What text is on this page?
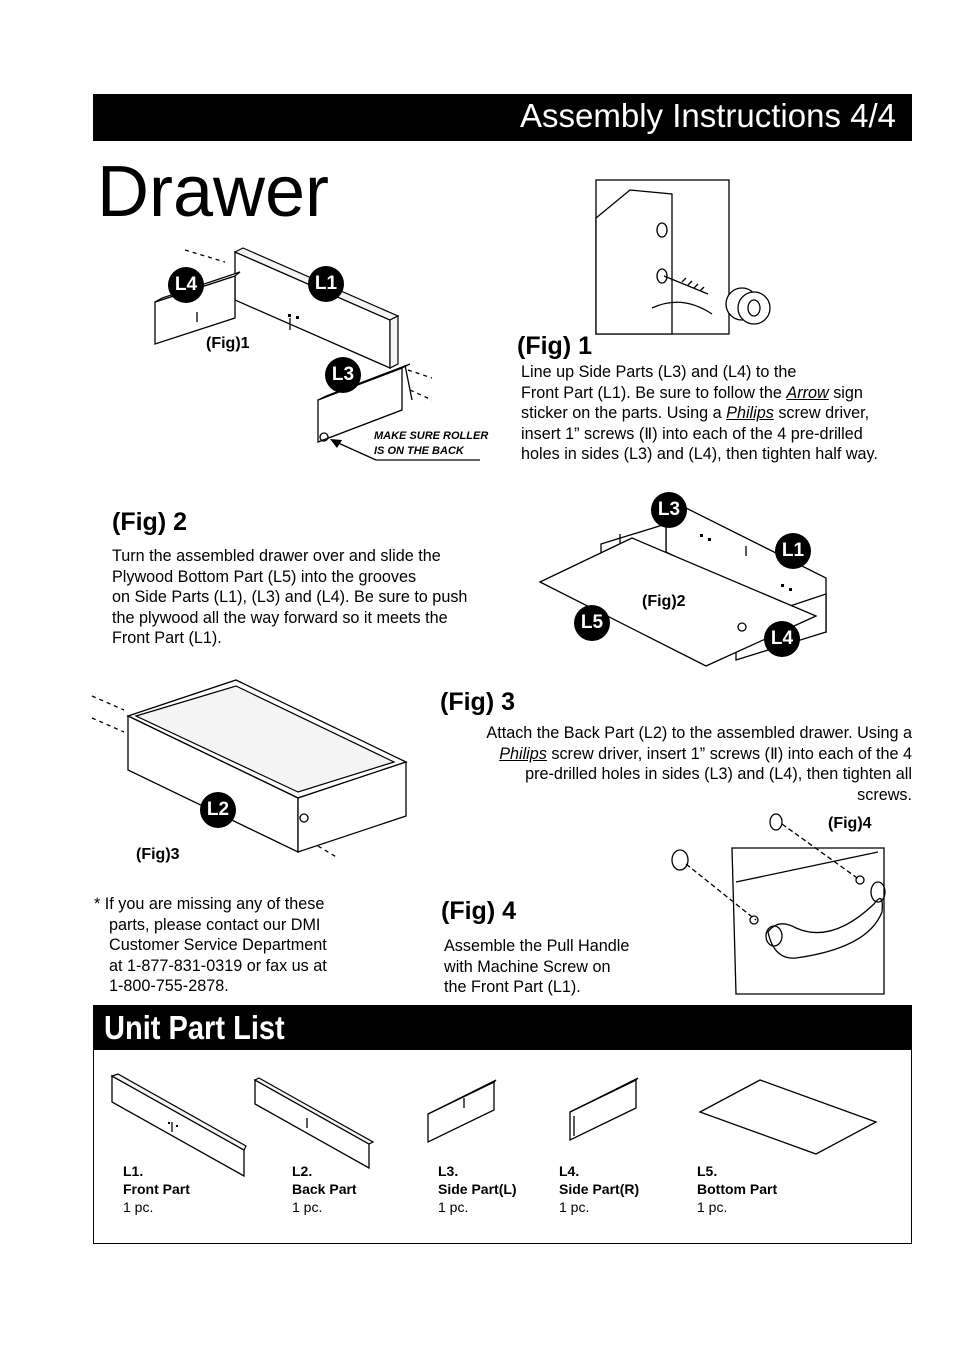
Assembly Instructions 4/4
Drawer
(Fig)1
L4	L1
L3
MAKE SURE ROLLER
IS ON THE BACK
(Fig) 1
Line up Side Parts (L3) and (L4) to the
Front Part (L1). Be sure to follow the Arrow sign
sticker on the parts. Using a Philips screw driver,
insert 1” screws (Ⅱ) into each of the 4 pre-drilled
holes in sides (L3) and (L4), then tighten half way.
(Fig) 2
Turn the assembled drawer over and slide the
Plywood Bottom Part (L5) into the grooves
on Side Parts (L1), (L3) and (L4). Be sure to push
the plywood all the way forward so it meets the
Front Part (L1).
L3
L1
L5
L4
(Fig)2
L2
(Fig)3
(Fig) 3
Attach the Back Part (L2) to the assembled drawer. Using a
Philips screw driver, insert 1” screws (Ⅱ) into each of the 4
pre-drilled holes in sides (L3) and (L4), then tighten all
screws.
(Fig)4
(Fig) 4
Assemble the Pull Handle
with Machine Screw on
the Front Part (L1).
* If you are missing any of these
parts, please contact our DMI
Customer Service Department
at 1-877-831-0319 or fax us at
1-800-755-2878.
Unit Part List
L1.
Front Part
1 pc.
L2.
Back Part
1 pc.
L3.
Side Part(L)
1 pc.
L4.
Side Part(R)
1 pc.
L5.
Bottom Part
1 pc.
